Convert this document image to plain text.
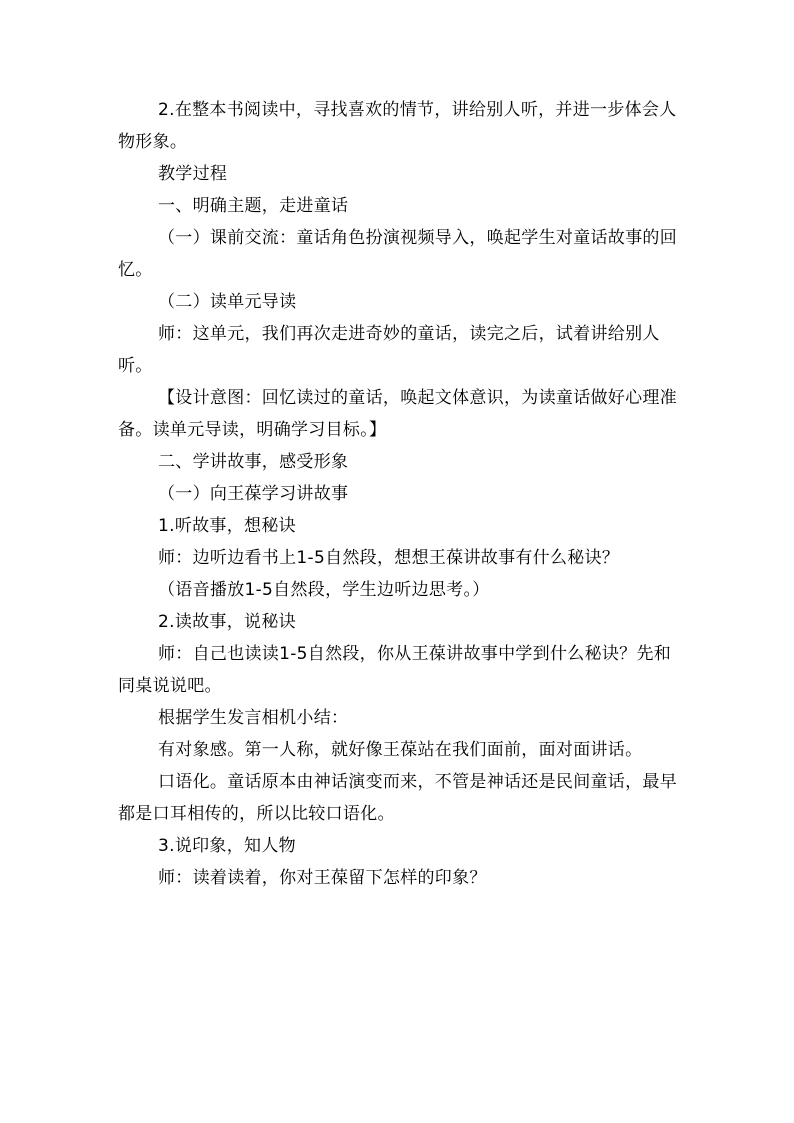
2.在整本书阅读中，寻找喜欢的情节，讲给别人听，并进一步体会人物形象。

教学过程

一、明确主题，走进童话

（一）课前交流：童话角色扮演视频导入，唤起学生对童话故事的回忆。

（二）读单元导读

师：这单元，我们再次走进奇妙的童话，读完之后，试着讲给别人听。

【设计意图：回忆读过的童话，唤起文体意识，为读童话做好心理准备。读单元导读，明确学习目标。】

二、学讲故事，感受形象

（一）向王葆学习讲故事

1.听故事，想秘诀

师：边听边看书上1-5自然段，想想王葆讲故事有什么秘诀？

（语音播放1-5自然段，学生边听边思考。）

2.读故事，说秘诀

师：自己也读读1-5自然段，你从王葆讲故事中学到什么秘诀？先和同桌说说吧。

根据学生发言相机小结：

有对象感。第一人称，就好像王葆站在我们面前，面对面讲话。

口语化。童话原本由神话演变而来，不管是神话还是民间童话，最早都是口耳相传的，所以比较口语化。

3.说印象，知人物

师：读着读着，你对王葆留下怎样的印象？
